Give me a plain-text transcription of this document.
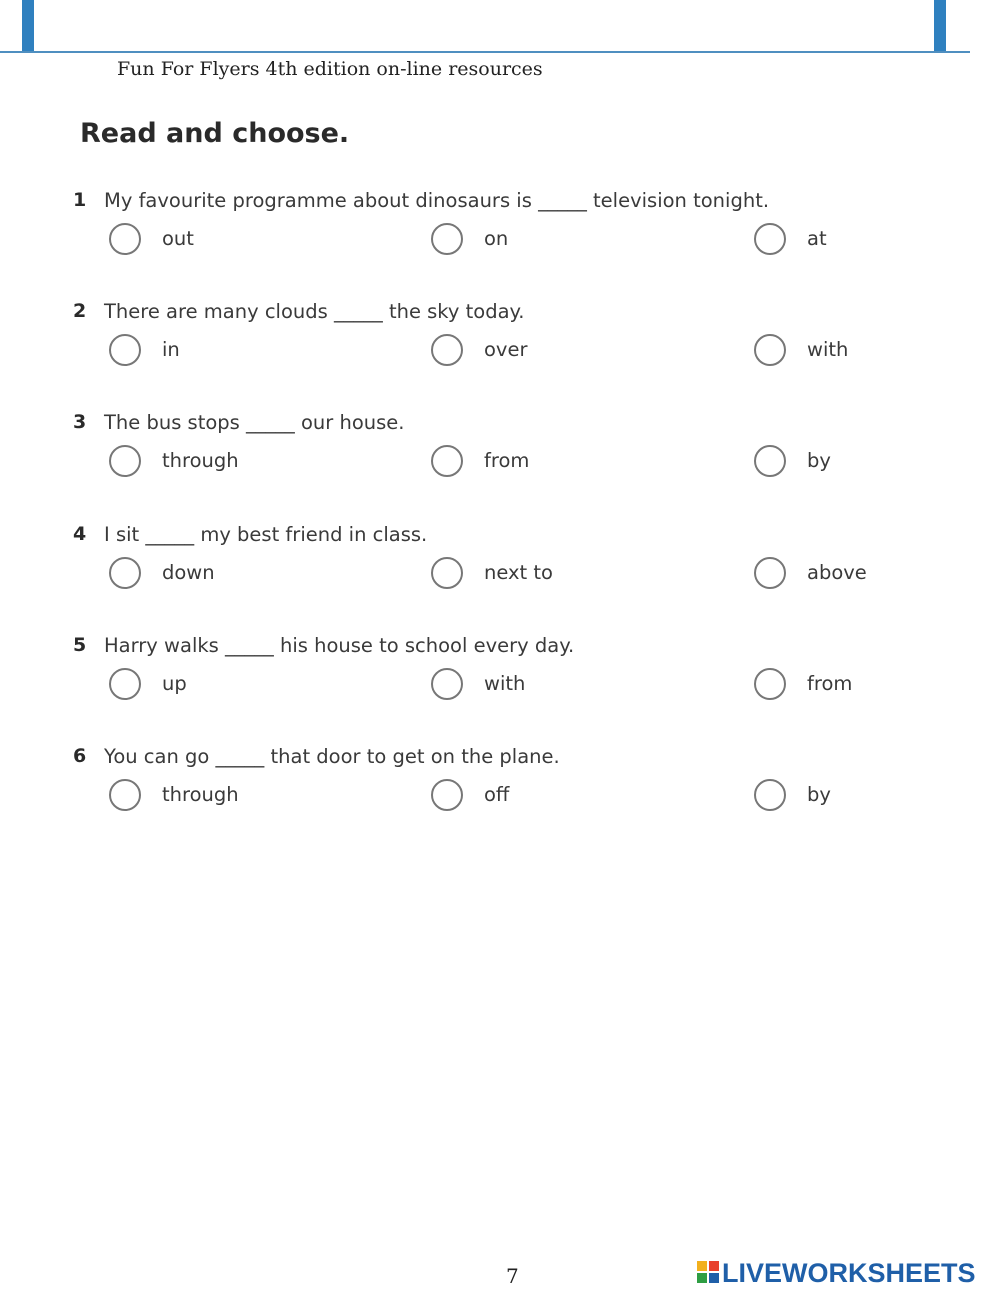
Fun For Flyers 4th edition on-line resources
Read and choose.
1 My favourite programme about dinosaurs is _____ television tonight.
out	on	at
2 There are many clouds _____ the sky today.
in	over	with
3 The bus stops _____ our house.
through	from	by
4 I sit _____ my best friend in class.
down	next to	above
5 Harry walks _____ his house to school every day.
up	with	from
6 You can go _____ that door to get on the plane.
through	off	by
7	LIVEWORKSHEETS
